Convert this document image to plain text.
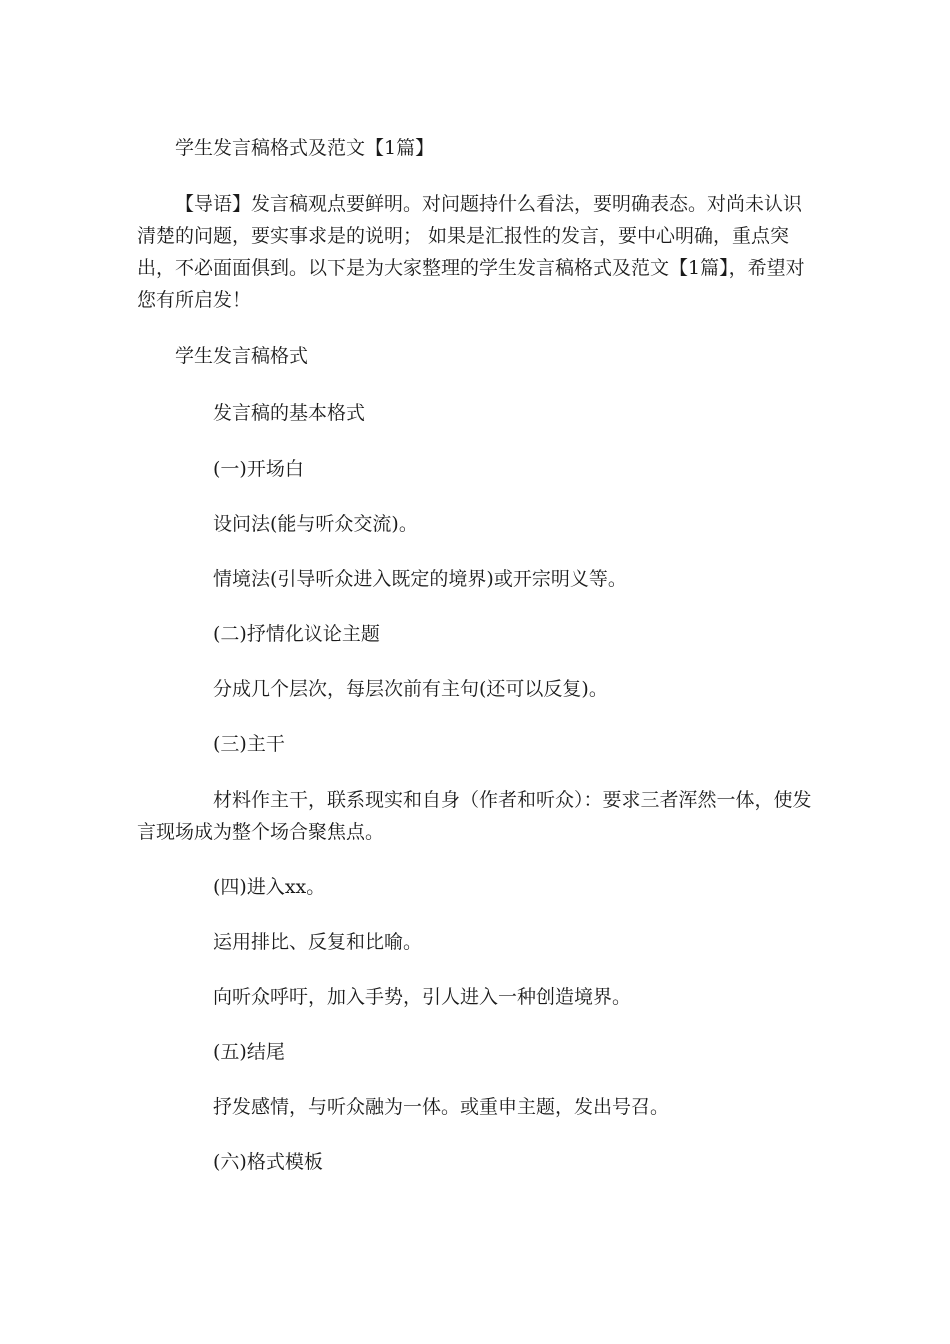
学生发言稿格式及范文【1篇】
【导语】发言稿观点要鲜明。对问题持什么看法，要明确表态。对尚未认识清楚的问题，要实事求是的说明； 如果是汇报性的发言，要中心明确，重点突出，不必面面俱到。以下是为大家整理的学生发言稿格式及范文【1篇】，希望对您有所启发！
学生发言稿格式
发言稿的基本格式
(一)开场白
设问法(能与听众交流)。
情境法(引导听众进入既定的境界)或开宗明义等。
(二)抒情化议论主题
分成几个层次，每层次前有主句(还可以反复)。
(三)主干
材料作主干，联系现实和自身（作者和听众）：要求三者浑然一体，使发言现场成为整个场合聚焦点。
(四)进入xx。
运用排比、反复和比喻。
向听众呼吁，加入手势，引人进入一种创造境界。
(五)结尾
抒发感情，与听众融为一体。或重申主题，发出号召。
(六)格式模板
